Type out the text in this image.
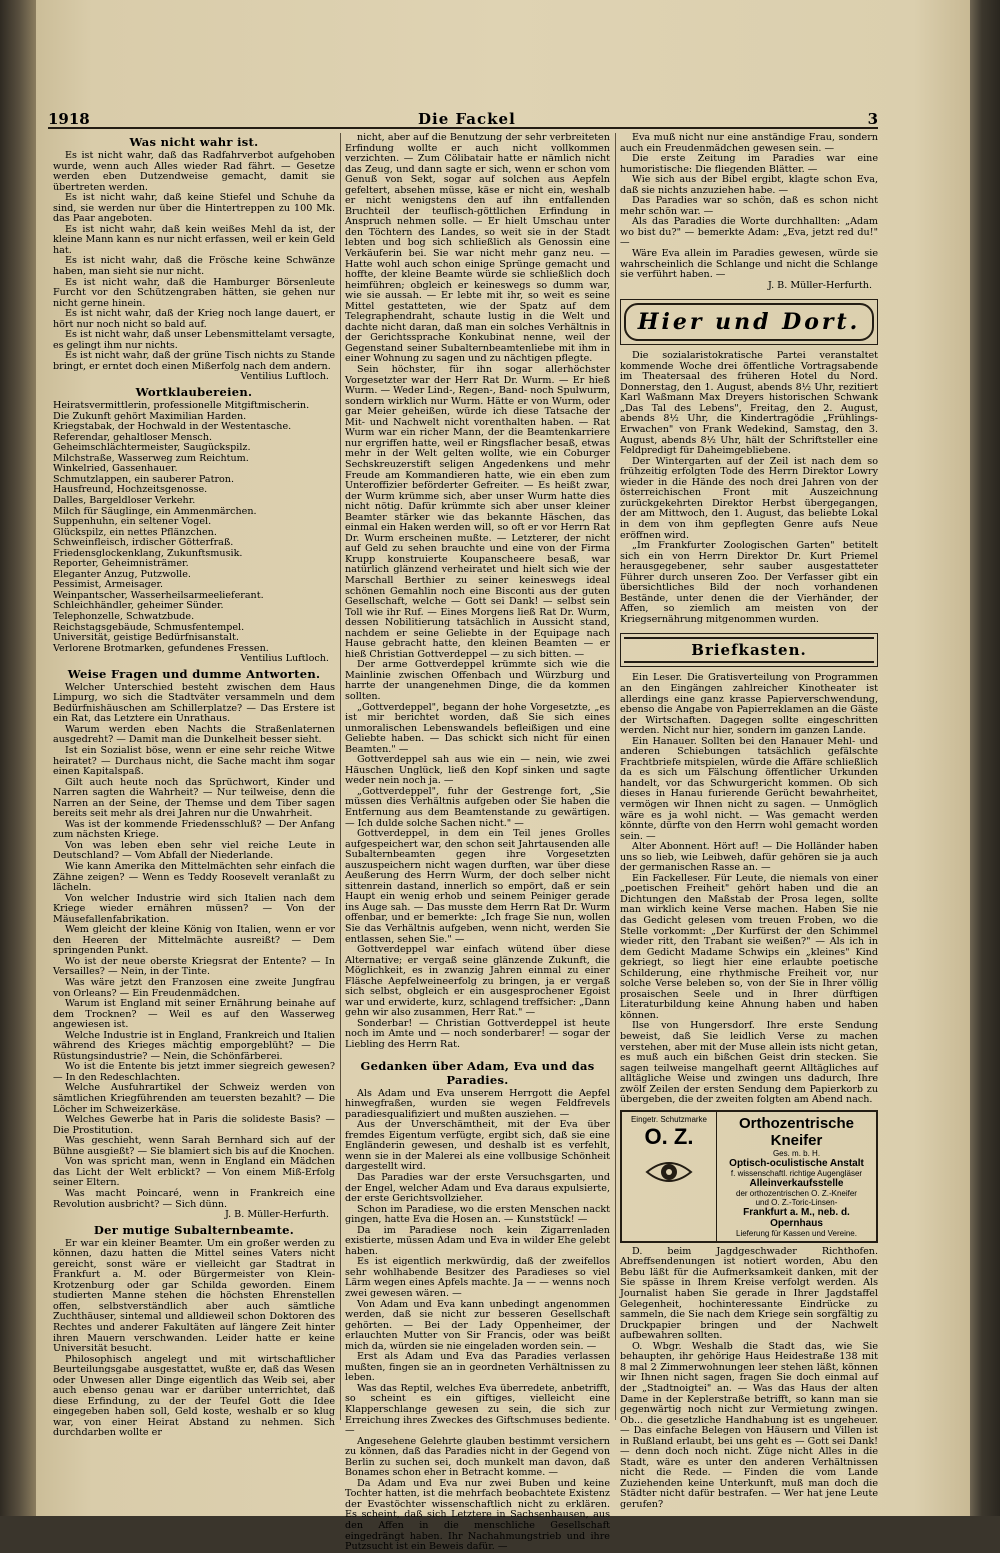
1918	Die Fackel	3
Was nicht wahr ist.

Es ist nicht wahr, daß das Radfahrverbot aufgehoben wurde, wenn auch Alles wieder Rad fährt. — Gesetze werden eben Dutzendweise gemacht, damit sie übertreten werden.

Es ist nicht wahr, daß keine Stiefel und Schuhe da sind, sie werden nur über die Hintertreppen zu 100 Mk. das Paar angeboten.

Es ist nicht wahr, daß kein weißes Mehl da ist, der kleine Mann kann es nur nicht erfassen, weil er kein Geld hat.

Es ist nicht wahr, daß die Frösche keine Schwänze haben, man sieht sie nur nicht.

Es ist nicht wahr, daß die Hamburger Börsenleute Furcht vor den Schützengraben hätten, sie gehen nur nicht gerne hinein.

Es ist nicht wahr, daß der Krieg noch lange dauert, er hört nur noch nicht so bald auf.

Es ist nicht wahr, daß unser Lebensmittelamt versagte, es gelingt ihm nur nichts.

Es ist nicht wahr, daß der grüne Tisch nichts zu Stande bringt, er erntet doch einen Mißerfolg nach dem andern.

Ventilius Luftloch.

Wortklaubereien.

Heiratsvermittlerin, professionelle Mitgiftmischerin.

Die Zukunft gehört Maximilian Harden.

Kriegstabak, der Hochwald in der Westentasche.

Referendar, gehaltloser Mensch.

Geheimschlächtermeister, Saugückspilz.

Milchstraße, Wasserweg zum Reichtum.

Winkelried, Gassenhauer.

Schmutzlappen, ein sauberer Patron.

Hausfreund, Hochzeitsgenosse.

Dalles, Bargeldloser Verkehr.

Milch für Säuglinge, ein Ammenmärchen.

Suppenhuhn, ein seltener Vogel.

Glückspilz, ein nettes Pflänzchen.

Schweinfleisch, irdischer Götterfraß.

Friedensglockenklang, Zukunftsmusik.

Reporter, Geheimnisträmer.

Eleganter Anzug, Putzwolle.

Pessimist, Armeisager.

Weinpantscher, Wasserheilsarmeelieferant.

Schleichhändler, geheimer Sünder.

Telephonzelle, Schwatzbude.

Reichstagsgebäude, Schmusfentempel.

Universität, geistige Bedürfnisanstalt.

Verlorene Brotmarken, gefundenes Fressen.

Ventilius Luftloch.

Weise Fragen und dumme Antworten.

Welcher Unterschied besteht zwischen dem Haus Limpurg, wo sich die Stadtväter versammeln und dem Bedürfnishäuschen am Schillerplatze? — Das Erstere ist ein Rat, das Letztere ein Unrathaus.

Warum werden eben Nachts die Straßenlaternen ausgedreht? — Damit man die Dunkelheit besser sieht.

Ist ein Sozialist böse, wenn er eine sehr reiche Witwe heiratet? — Durchaus nicht, die Sache macht ihm sogar einen Kapitalspaß.

Gilt auch heute noch das Sprüchwort, Kinder und Narren sagten die Wahrheit? — Nur teilweise, denn die Narren an der Seine, der Themse und dem Tiber sagen bereits seit mehr als drei Jahren nur die Unwahrheit.

Was ist der kommende Friedensschluß? — Der Anfang zum nächsten Kriege.

Von was leben eben sehr viel reiche Leute in Deutschland? — Vom Abfall der Niederlande.

Wie kann Amerika den Mittelmächten sehr einfach die Zähne zeigen? — Wenn es Teddy Roosevelt veranlaßt zu lächeln.

Von welcher Industrie wird sich Italien nach dem Kriege wieder ernähren müssen? — Von der Mäusefallenfabrikation.

Wem gleicht der kleine König von Italien, wenn er vor den Heeren der Mittelmächte ausreißt? — Dem springenden Punkt.

Wo ist der neue oberste Kriegsrat der Entente? — In Versailles? — Nein, in der Tinte.

Was wäre jetzt den Franzosen eine zweite Jungfrau von Orleans? — Ein Freudenmädchen.

Warum ist England mit seiner Ernährung beinahe auf dem Trocknen? — Weil es auf den Wasserweg angewiesen ist.

Welche Industrie ist in England, Frankreich und Italien während des Krieges mächtig emporgeblüht? — Die Rüstungsindustrie? — Nein, die Schönfärberei.

Wo ist die Entente bis jetzt immer siegreich gewesen? — In den Redeschlachten.

Welche Ausfuhrartikel der Schweiz werden von sämtlichen Kriegführenden am teuersten bezahlt? — Die Löcher im Schweizerkäse.

Welches Gewerbe hat in Paris die solideste Basis? — Die Prostitution.

Was geschieht, wenn Sarah Bernhard sich auf der Bühne ausgießt? — Sie blamiert sich bis auf die Knochen.

Von was spricht man, wenn in England ein Mädchen das Licht der Welt erblickt? — Von einem Miß-Erfolg seiner Eltern.

Was macht Poincaré, wenn in Frankreich eine Revolution ausbricht? — Sich dünn.

J. B. Müller-Herfurth.

Der mutige Subalternbeamte.

Er war ein kleiner Beamter. Um ein großer werden zu können, dazu hatten die Mittel seines Vaters nicht gereicht, sonst wäre er vielleicht gar Stadtrat in Frankfurt a. M. oder Bürgermeister von Klein-Krotzenburg oder gar Schilda geworden. Einem studierten Manne stehen die höchsten Ehrenstellen offen, selbstverständlich aber auch sämtliche Zuchthäuser, sintemal und alldieweil schon Doktoren des Rechtes und anderer Fakultäten auf längere Zeit hinter ihren Mauern verschwanden. Leider hatte er keine Universität besucht.

Philosophisch angelegt und mit wirtschaftlicher Beurteilungsgabe ausgestattet, wußte er, daß das Wesen oder Unwesen aller Dinge eigentlich das Weib sei, aber auch ebenso genau war er darüber unterrichtet, daß diese Erfindung, zu der der Teufel Gott die Idee eingegeben haben soll, Geld koste, weshalb er so klug war, von einer Heirat Abstand zu nehmen. Sich durchdarben wollte er

nicht, aber auf die Benutzung der sehr verbreiteten Erfindung wollte er auch nicht vollkommen verzichten. — Zum Cölibatair hatte er nämlich nicht das Zeug, und dann sagte er sich, wenn er schon vom Genuß von Sekt, sogar auf solchen aus Aepfeln gefeltert, absehen müsse, käse er nicht ein, weshalb er nicht wenigstens den auf ihn entfallenden Bruchteil der teuflisch-göttlichen Erfindung in Anspruch nehmen solle. — Er hielt Umschau unter den Töchtern des Landes, so weit sie in der Stadt lebten und bog sich schließlich als Genossin eine Verkäuferin bei. Sie war nicht mehr ganz neu. — Hatte wohl auch schon einige Sprünge gemacht und hoffte, der kleine Beamte würde sie schließlich doch heimführen; obgleich er keineswegs so dumm war, wie sie aussah. — Er lebte mit ihr, so weit es seine Mittel gestatteten, wie der Spatz auf dem Telegraphendraht, schaute lustig in die Welt und dachte nicht daran, daß man ein solches Verhältnis in der Gerichtssprache Konkubinat nenne, weil der Gegenstand seiner Subalternbeamtenliebe mit ihm in einer Wohnung zu sagen und zu nächtigen pflegte.

Sein höchster, für ihn sogar allerhöchster Vorgesetzter war der Herr Rat Dr. Wurm. — Er hieß Wurm. — Weder Lind-, Regen-, Band- noch Spulwurm, sondern wirklich nur Wurm. Hätte er von Wurm, oder gar Meier geheißen, würde ich diese Tatsache der Mit- und Nachwelt nicht vorenthalten haben. — Rat Wurm war ein richer Mann, der die Beamtenkarriere nur ergriffen hatte, weil er Ringsflacher besaß, etwas mehr in der Welt gelten wollte, wie ein Coburger Sechskreuzerstift seligen Angedenkens und mehr Freude am Kommandieren hatte, wie ein eben zum Unteroffizier beförderter Gefreiter. — Es heißt zwar, der Wurm krümme sich, aber unser Wurm hatte dies nicht nötig. Dafür krümmte sich aber unser kleiner Beamter stärker wie das bekannte Häschen, das einmal ein Haken werden will, so oft er vor Herrn Rat Dr. Wurm erscheinen mußte. — Letzterer, der nicht auf Geld zu sehen brauchte und eine von der Firma Krupp konstruierte Koupanscheere besaß, war natürlich glänzend verheiratet und hielt sich wie der Marschall Berthier zu seiner keineswegs ideal schönen Gemahlin noch eine Bisconti aus der guten Gesellschaft, welche — Gott sei Dank! — selbst sein Toll wie ihr Ruf. — Eines Morgens ließ Rat Dr. Wurm, dessen Nobilitierung tatsächlich in Aussicht stand, nachdem er seine Geliebte in der Equipage nach Hause gebracht hatte, den kleinen Beamten — er hieß Christian Gottverdeppel — zu sich bitten. —

Der arme Gottverdeppel krümmte sich wie die Mainlinie zwischen Offenbach und Würzburg und harrte der unangenehmen Dinge, die da kommen sollten.

„Gottverdeppel", begann der hohe Vorgesetzte, „es ist mir berichtet worden, daß Sie sich eines unmoralischen Lebenswandels befleißigen und eine Geliebte haben. — Das schickt sich nicht für einen Beamten." —

Gottverdeppel sah aus wie ein — nein, wie zwei Häuschen Unglück, ließ den Kopf sinken und sagte weder nein noch ja. —

„Gottverdeppel", fuhr der Gestrenge fort, „Sie müssen dies Verhältnis aufgeben oder Sie haben die Entfernung aus dem Beamtenstande zu gewärtigen. — Ich dulde solche Sachen nicht." —

Gottverdeppel, in dem ein Teil jenes Grolles aufgespeichert war, den schon seit Jahrtausenden alle Subalternbeamten gegen ihre Vorgesetzten auszuspeichern nicht wagen durften, war über diese Aeußerung des Herrn Wurm, der doch selber nicht sittenrein dastand, innerlich so empört, daß er sein Haupt ein wenig erhob und seinem Peiniger gerade ins Auge sah. — Das musste dem Herrn Rat Dr. Wurm offenbar, und er bemerkte: „Ich frage Sie nun, wollen Sie das Verhältnis aufgeben, wenn nicht, werden Sie entlassen, sehen Sie." —

Gottverdeppel war einfach wütend über diese Alternative; er vergaß seine glänzende Zukunft, die Möglichkeit, es in zwanzig Jahren einmal zu einer Fläsche Aepfelweineerfolg zu bringen, ja er vergaß sich selbst, obgleich er ein ausgesprochener Egoist war und erwiderte, kurz, schlagend treffsicher: „Dann gehn wir also zusammen, Herr Rat." —

Sonderbar! — Christian Gottverdeppel ist heute noch im Amte und — noch sonderbarer! — sogar der Liebling des Herrn Rat.

Gedanken über Adam, Eva und das Paradies.

Als Adam und Eva unserem Herrgott die Aepfel hinwegfraßen, wurden sie wegen Feldfrevels paradiesqualifiziert und mußten ausziehen. —

Aus der Unverschämtheit, mit der Eva über fremdes Eigentum verfügte, ergibt sich, daß sie eine Engländerin gewesen, und deshalb ist es verfehlt, wenn sie in der Malerei als eine vollbusige Schönheit dargestellt wird.

Das Paradies war der erste Versuchsgarten, und der Engel, welcher Adam und Eva daraus expulsierte, der erste Gerichtsvollzieher.

Schon im Paradiese, wo die ersten Menschen nackt gingen, hatte Eva die Hosen an. — Kunststück! —

Da im Paradiese noch kein Zigarrenladen existierte, müssen Adam und Eva in wilder Ehe gelebt haben.

Es ist eigentlich merkwürdig, daß der zweifellos sehr wohlhabende Besitzer des Paradieses so viel Lärm wegen eines Apfels machte. Ja — — wenns noch zwei gewesen wären. —

Von Adam und Eva kann unbedingt angenommen werden, daß sie nicht zur besseren Gesellschaft gehörten. — Bei der Lady Oppenheimer, der erlauchten Mutter von Sir Francis, oder was beißt mich da, würden sie nie eingeladen worden sein. —

Erst als Adam und Eva das Paradies verlassen mußten, fingen sie an in geordneten Verhältnissen zu leben.

Was das Reptil, welches Eva überredete, anbetrifft, so scheint es ein giftiges, vielleicht eine Klapperschlange gewesen zu sein, die sich zur Erreichung ihres Zweckes des Giftschmuses bediente. —

Angesehene Gelehrte glauben bestimmt versichern zu können, daß das Paradies nicht in der Gegend von Berlin zu suchen sei, doch munkelt man davon, daß Bonames schon eher in Betracht komme. —

Da Adam und Eva nur zwei Buben und keine Tochter hatten, ist die mehrfach beobachtete Existenz der Evastöchter wissenschaftlich nicht zu erklären. Es scheint, daß sich Letztere in Sachsenhausen, aus den Affen in die menschliche Gesellschaft eingedrängt haben. Ihr Nachahmungstrieb und ihre Putzsucht ist ein Beweis dafür. —

Eva muß nicht nur eine anständige Frau, sondern auch ein Freudenmädchen gewesen sein. —

Die erste Zeitung im Paradies war eine humoristische: Die fliegenden Blätter. —

Wie sich aus der Bibel ergibt, klagte schon Eva, daß sie nichts anzuziehen habe. —

Das Paradies war so schön, daß es schon nicht mehr schön war. —

Als das Paradies die Worte durchhallten: „Adam wo bist du?" — bemerkte Adam: „Eva, jetzt red du!" —

Wäre Eva allein im Paradies gewesen, würde sie wahrscheinlich die Schlange und nicht die Schlange sie verführt haben. —

J. B. Müller-Herfurth.

Hier und Dort.

Die sozialaristokratische Partei veranstaltet kommende Woche drei öffentliche Vortragsabende im Theatersaal des früheren Hotel du Nord. Donnerstag, den 1. August, abends 8½ Uhr, rezitiert Karl Waßmann Max Dreyers historischen Schwank „Das Tal des Lebens", Freitag, den 2. August, abends 8½ Uhr, die Kindertragödie „Frühlings-Erwachen" von Frank Wedekind, Samstag, den 3. August, abends 8½ Uhr, hält der Schriftsteller eine Feldpredigt für Daheimgebliebene.

Der Wintergarten auf der Zeil ist nach dem so frühzeitig erfolgten Tode des Herrn Direktor Lowry wieder in die Hände des noch drei Jahren von der österreichischen Front mit Auszeichnung zurückgekehrten Direktor Herbst übergegangen, der am Mittwoch, den 1. August, das beliebte Lokal in dem von ihm gepflegten Genre aufs Neue eröffnen wird.

„Im Frankfurter Zoologischen Garten" betitelt sich ein von Herrn Direktor Dr. Kurt Priemel herausgegebener, sehr sauber ausgestatteter Führer durch unseren Zoo. Der Verfasser gibt ein übersichtliches Bild der noch vorhandenen Bestände, unter denen die der Vierhänder, der Affen, so ziemlich am meisten von der Kriegsernährung mitgenommen wurden.

Briefkasten.

Ein Leser. Die Gratisverteilung von Programmen an den Eingängen zahlreicher Kinotheater ist allerdings eine ganz krasse Papierverschwendung, ebenso die Angabe von Papierreklamen an die Gäste der Wirtschaften. Dagegen sollte eingeschritten werden. Nicht nur hier, sondern im ganzen Lande.

Ein Hanauer. Sollten bei den Hanauer Mehl- und anderen Schiebungen tatsächlich gefälschte Frachtbriefe mitspielen, würde die Affäre schließlich da es sich um Fälschung öffentlicher Urkunden handelt, vor das Schwurgericht kommen. Ob sich dieses in Hanau furierende Gerücht bewahrheitet, vermögen wir Ihnen nicht zu sagen. — Unmöglich wäre es ja wohl nicht. — Was gemacht werden könnte, dürfte von den Herrn wohl gemacht worden sein. —

Alter Abonnent. Hört auf! — Die Holländer haben uns so lieb, wie Leibweh, dafür gehören sie ja auch der germanischen Rasse an. —

Ein Fackelleser. Für Leute, die niemals von einer „poetischen Freiheit" gehört haben und die an Dichtungen den Maßstab der Prosa legen, sollte man wirklich keine Verse machen. Haben Sie nie das Gedicht gelesen vom treuen Froben, wo die Stelle vorkommt: „Der Kurfürst der den Schimmel wieder ritt, den Trabant sie weißen?" — Als ich in dem Gedicht Madame Schwips ein „kleines" Kind gekriegt, so liegt hier eine erlaubte poetische Schilderung, eine rhythmische Freiheit vor, nur solche Verse beleben so, von der Sie in Ihrer völlig prosaischen Seele und in Ihrer dürftigen Literaturbildung keine Ahnung haben und haben können.

Ilse von Hungersdorf. Ihre erste Sendung beweist, daß Sie leidlich Verse zu machen verstehen, aber mit der Muse allein ists nicht getan, es muß auch ein bißchen Geist drin stecken. Sie sagen teilweise mangelhaft geernt Alltägliches auf alltägliche Weise und zwingen uns dadurch, Ihre zwölf Zeilen der ersten Sendung dem Papierkorb zu übergeben, die der zweiten folgten am Abend nach.

Eingetr. Schutzmarke
O. Z.
Orthozentrische Kneifer
Ges. m. b. H.
Optisch-oculistische Anstalt
f. wissenschaftl. richtige Augengläser
Alleinverkaufsstelle
der orthozentrischen O. Z.-Kneifer
und O. Z.-Toric-Linsen-
Frankfurt a. M., neb. d. Opernhaus
Lieferung für Kassen und Vereine.

D. beim Jagdgeschwader Richthofen. Abreffsendenungen ist notiert worden, Abu den Bebu läßt für die Aufmerksamkeit danken, mit der Sie spässe in Ihrem Kreise verfolgt werden. Als Journalist haben Sie gerade in Ihrer Jagdstaffel Gelegenheit, hochinteressante Eindrücke zu sammeln, die Sie nach dem Kriege sein sorgfältig zu Druckpapier bringen und der Nachwelt aufbewahren sollten.

O. Wbgr. Weshalb die Stadt das, wie Sie behaupten, ihr gehörige Haus Heidestraße 138 mit 8 mal 2 Zimmerwohnungen leer stehen läßt, können wir Ihnen nicht sagen, fragen Sie doch einmal auf der „Stadtnoigtei" an. — Was das Haus der alten Dame in der Keplerstraße betrifft, so kann man sie gegenwärtig noch nicht zur Vermietung zwingen. Ob... die gesetzliche Handhabung ist es ungeheuer. — Das einfache Belegen von Häusern und Villen ist in Rußland erlaubt, bei uns geht es — Gott sei Dank! — denn doch noch nicht. Züge nicht Alles in die Stadt, wäre es unter den anderen Verhältnissen nicht die Rede. — Finden die vom Lande Zuziehenden keine Unterkunft, muß man doch die Städter nicht dafür bestrafen. — Wer hat jene Leute gerufen?
